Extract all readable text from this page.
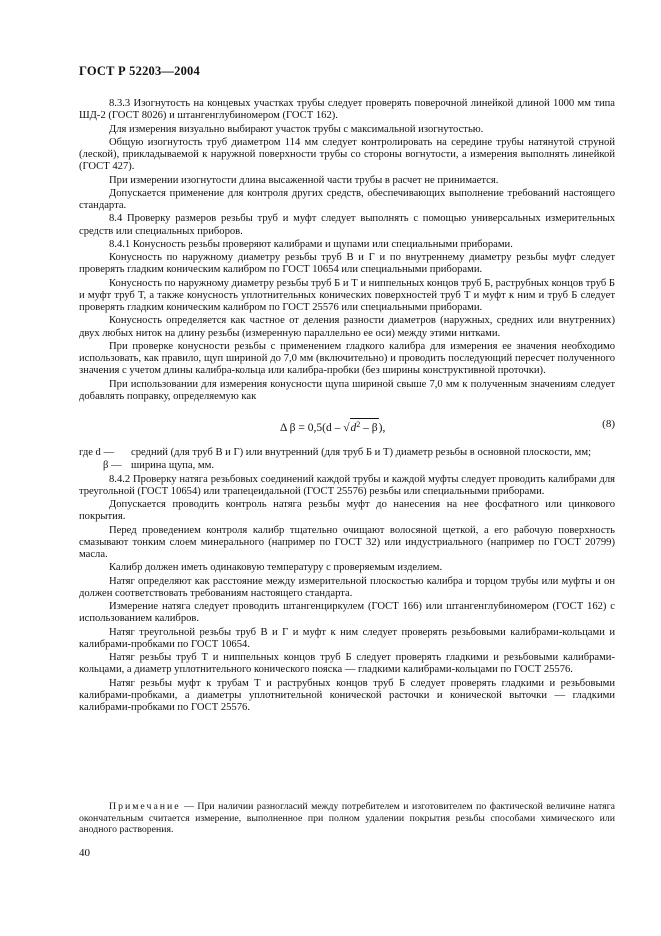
ГОСТ Р 52203—2004

8.3.3 Изогнутость на концевых участках трубы следует проверять поверочной линейкой длиной 1000 мм типа ШД-2 (ГОСТ 8026) и штангенглубиномером (ГОСТ 162).

Для измерения визуально выбирают участок трубы с максимальной изогнутостью.

Общую изогнутость труб диаметром 114 мм следует контролировать на середине трубы натянутой струной (леской), прикладываемой к наружной поверхности трубы со стороны вогнутости, а измерения выполнять линейкой (ГОСТ 427).

При измерении изогнутости длина высаженной части трубы в расчет не принимается.

Допускается применение для контроля других средств, обеспечивающих выполнение требований настоящего стандарта.

8.4 Проверку размеров резьбы труб и муфт следует выполнять с помощью универсальных измерительных средств или специальных приборов.

8.4.1 Конусность резьбы проверяют калибрами и щупами или специальными приборами.

Конусность по наружному диаметру резьбы труб В и Г и по внутреннему диаметру резьбы муфт следует проверять гладким коническим калибром по ГОСТ 10654 или специальными приборами.

Конусность по наружному диаметру резьбы труб Б и Т и ниппельных концов труб Б, раструбных концов труб Б и муфт труб Т, а также конусность уплотнительных конических поверхностей труб Т и муфт к ним и труб Б следует проверять гладким коническим калибром по ГОСТ 25576 или специальными приборами.

Конусность определяется как частное от деления разности диаметров (наружных, средних или внутренних) двух любых ниток на длину резьбы (измеренную параллельно ее оси) между этими нитками.

При проверке конусности резьбы с применением гладкого калибра для измерения ее значения необходимо использовать, как правило, щуп шириной до 7,0 мм (включительно) и проводить последующий пересчет полученного значения с учетом длины калибра-кольца или калибра-пробки (без ширины конструктивной проточки).

При использовании для измерения конусности щупа шириной свыше 7,0 мм к полученным значениям следует добавлять поправку, определяемую как

Δ $\beta = 0,5(d - √d^2 - \beta)$,	(8)
где d —	средний (для труб В и Г) или внутренний (для труб Б и Т) диаметр резьбы в основной плоскости, мм;
β — ширина щупа, мм.

8.4.2 Проверку натяга резьбовых соединений каждой трубы и каждой муфты следует проводить калибрами для треугольной (ГОСТ 10654) или трапецеидальной (ГОСТ 25576) резьбы или специальными приборами.

Допускается проводить контроль натяга резьбы муфт до нанесения на нее фосфатного или цинкового покрытия.

Перед проведением контроля калибр тщательно очищают волосяной щеткой, а его рабочую поверхность смазывают тонким слоем минерального (например по ГОСТ 32) или индустриального (например по ГОСТ 20799) масла.

Калибр должен иметь одинаковую температуру с проверяемым изделием.

Натяг определяют как расстояние между измерительной плоскостью калибра и торцом трубы или муфты и он должен соответствовать требованиям настоящего стандарта.

Измерение натяга следует проводить штангенциркулем (ГОСТ 166) или штангенглубиномером (ГОСТ 162) с использованием калибров.

Натяг треугольной резьбы труб В и Г и муфт к ним следует проверять резьбовыми калибрами-кольцами и калибрами-пробками по ГОСТ 10654.

Натяг резьбы труб Т и ниппельных концов труб Б следует проверять гладкими и резьбовыми калибрами-кольцами, а диаметр уплотнительного конического пояска — гладкими калибрами-кольцами по ГОСТ 25576.

Натяг резьбы муфт к трубам Т и раструбных концов труб Б следует проверять гладкими и резьбовыми калибрами-пробками, а диаметры уплотнительной конической расточки и конической выточки — гладкими калибрами-пробками по ГОСТ 25576.

Примечание — При наличии разногласий между потребителем и изготовителем по фактической величине натяга окончательным считается измерение, выполненное при полном удалении покрытия резьбы способами химического или анодного растворения.
40
